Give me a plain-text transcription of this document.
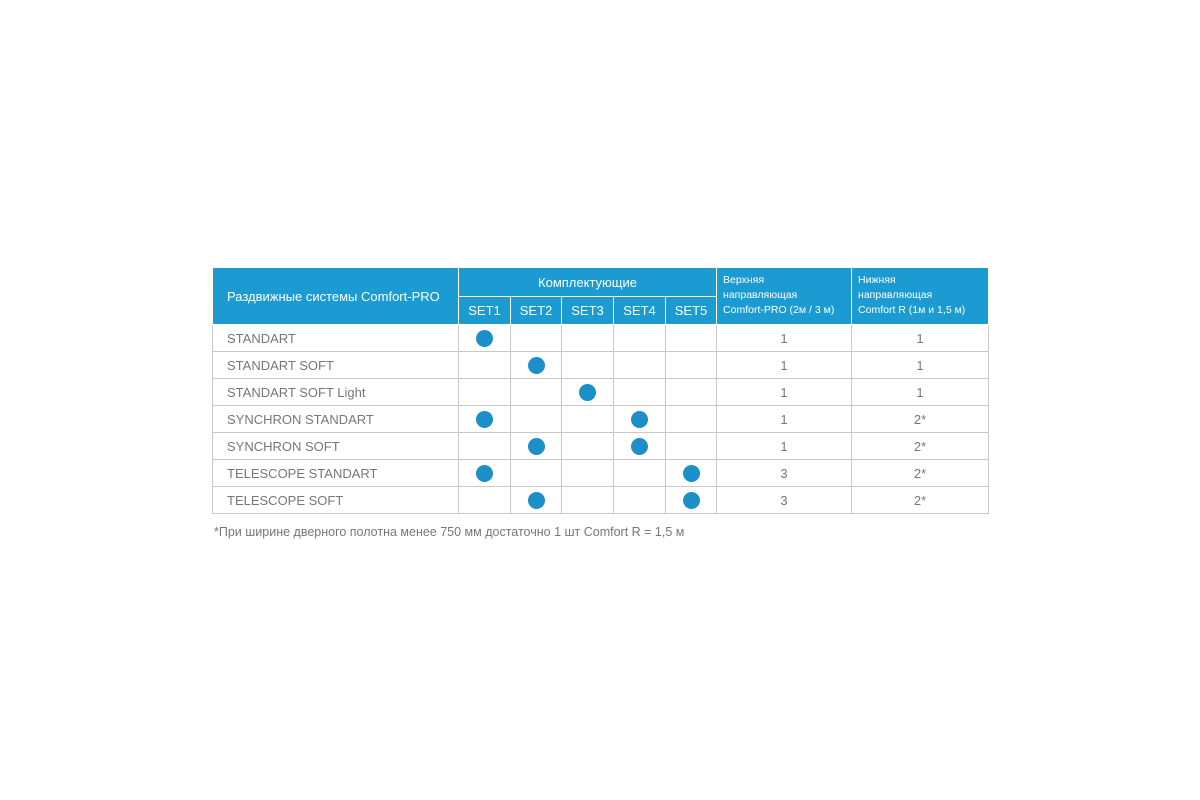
Раздвижные системы Comfort-PRO	Комплектующие					Верхняя
направляющая
Comfort-PRO (2м / 3 м)	Нижняя
направляющая
Comfort R (1м и 1,5 м)

	SET1	SET2	SET3	SET4	SET5		
STANDART						1	1
STANDART SOFT						1	1
STANDART SOFT Light						1	1
SYNCHRON STANDART						1	2*
SYNCHRON SOFT						1	2*
TELESCOPE STANDART						3	2*
TELESCOPE SOFT						3	2*
*При ширине дверного полотна менее 750 мм достаточно 1 шт Comfort R = 1,5 м
